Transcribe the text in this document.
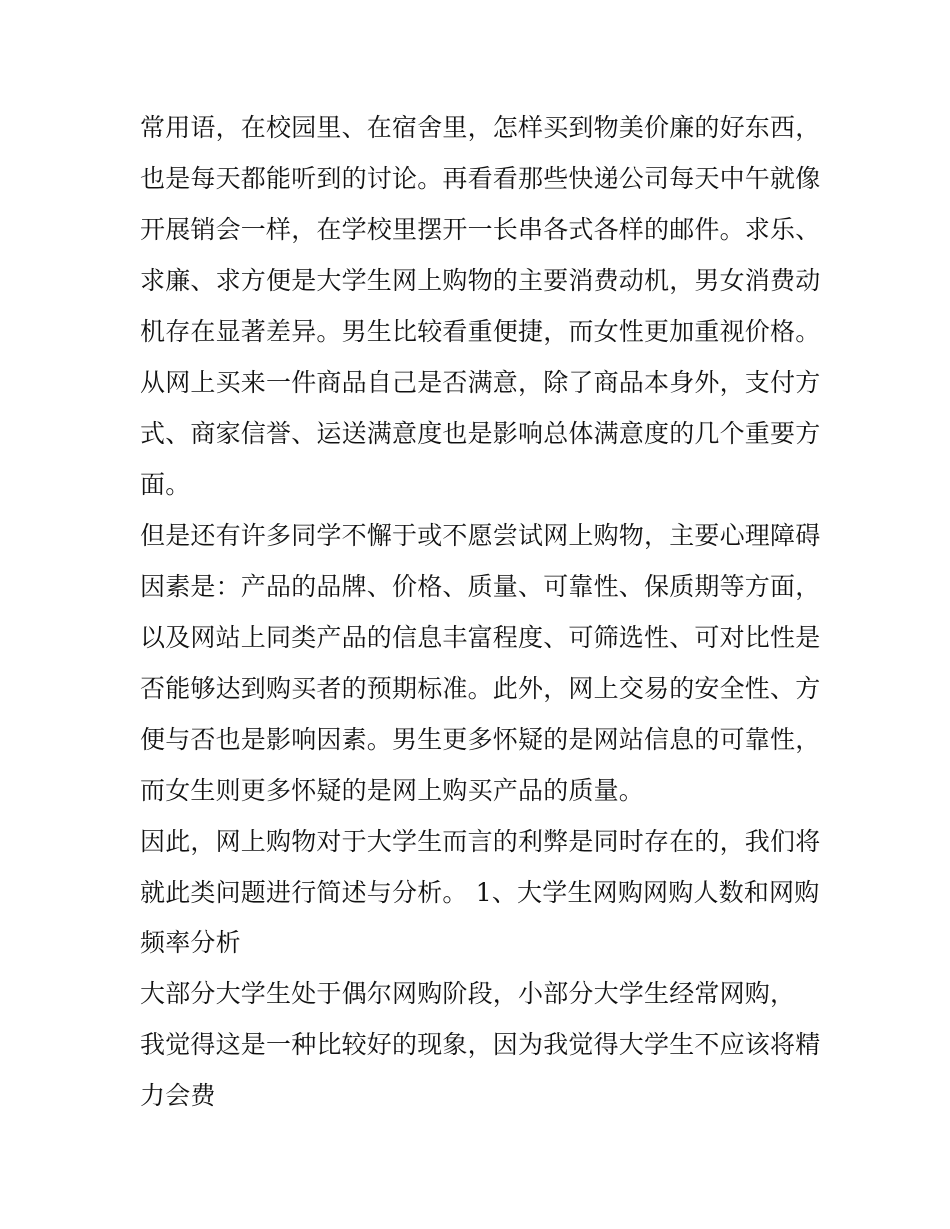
常用语，在校园里、在宿舍里，怎样买到物美价廉的好东西，

也是每天都能听到的讨论。再看看那些快递公司每天中午就像

开展销会一样，在学校里摆开一长串各式各样的邮件。求乐、

求廉、求方便是大学生网上购物的主要消费动机，男女消费动

机存在显著差异。男生比较看重便捷，而女性更加重视价格。

从网上买来一件商品自己是否满意，除了商品本身外，支付方

式、商家信誉、运送满意度也是影响总体满意度的几个重要方

面。

但是还有许多同学不懈于或不愿尝试网上购物，主要心理障碍

因素是：产品的品牌、价格、质量、可靠性、保质期等方面，

以及网站上同类产品的信息丰富程度、可筛选性、可对比性是

否能够达到购买者的预期标准。此外，网上交易的安全性、方

便与否也是影响因素。男生更多怀疑的是网站信息的可靠性，

而女生则更多怀疑的是网上购买产品的质量。

因此，网上购物对于大学生而言的利弊是同时存在的，我们将

就此类问题进行简述与分析。 1、大学生网购网购人数和网购

频率分析

大部分大学生处于偶尔网购阶段，小部分大学生经常网购，

我觉得这是一种比较好的现象，因为我觉得大学生不应该将精

力会费
